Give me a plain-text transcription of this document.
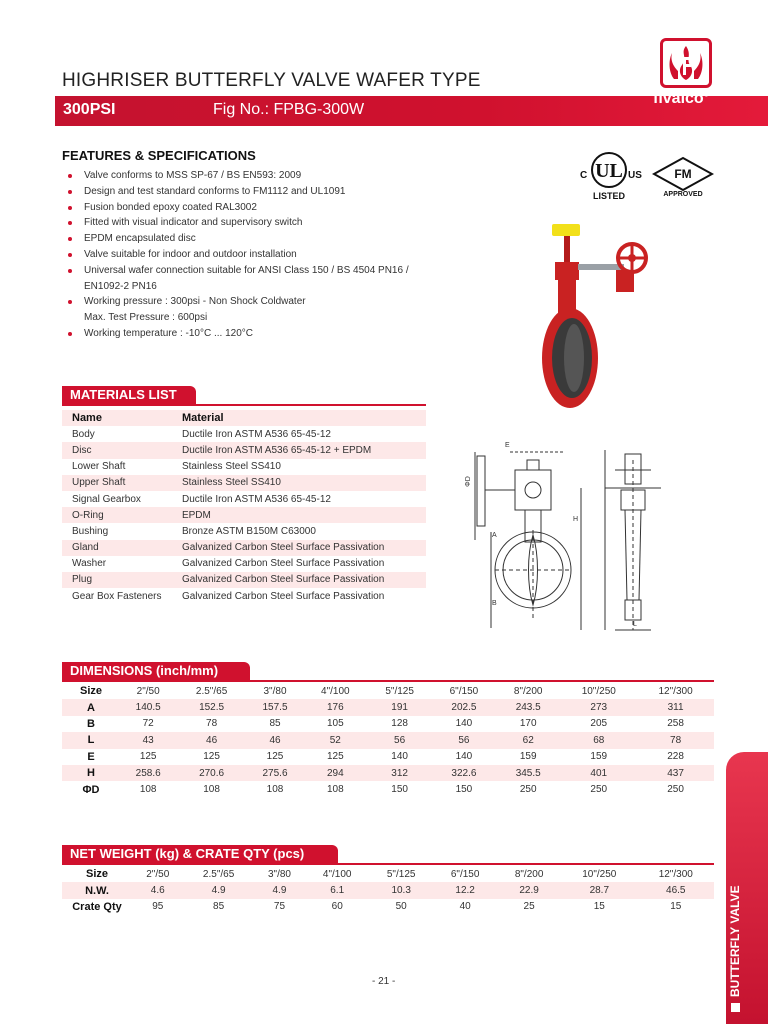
HIGHRISER BUTTERFLY VALVE WAFER TYPE
300PSI	Fig No.: FPBG-300W
fivalco®
FEATURES & SPECIFICATIONS
Valve conforms to MSS SP-67 / BS EN593: 2009
Design and test standard conforms to FM1112 and UL1091
Fusion bonded epoxy coated RAL3002
Fitted with visual indicator and supervisory switch
EPDM encapsulated disc
Valve suitable for indoor and outdoor installation
Universal wafer connection suitable for ANSI Class 150 / BS 4504 PN16 /
EN1092-2 PN16
Working pressure : 300psi - Non Shock Coldwater
Max. Test Pressure : 600psi
Working temperature : -10°C ... 120°C
UL
C	US
LISTED
FM
APPROVED
MATERIALS LIST
Name	Material
Body	Ductile Iron ASTM A536 65-45-12
Disc	Ductile Iron ASTM A536 65-45-12 + EPDM
Lower Shaft	Stainless Steel SS410
Upper Shaft	Stainless Steel SS410
Signal Gearbox	Ductile Iron ASTM A536 65-45-12
O-Ring	EPDM
Bushing	Bronze ASTM B150M C63000
Gland	Galvanized Carbon Steel Surface Passivation
Washer	Galvanized Carbon Steel Surface Passivation
Plug	Galvanized Carbon Steel Surface Passivation
Gear Box Fasteners	Galvanized Carbon Steel Surface Passivation
E
ΦD
A
B
H
L
DIMENSIONS (inch/mm)
Size	2"/50	2.5"/65	3"/80	4"/100	5"/125	6"/150	8"/200	10"/250	12"/300
A	140.5	152.5	157.5	176	191	202.5	243.5	273	311
B	72	78	85	105	128	140	170	205	258
L	43	46	46	52	56	56	62	68	78
E	125	125	125	125	140	140	159	159	228
H	258.6	270.6	275.6	294	312	322.6	345.5	401	437
ΦD	108	108	108	108	150	150	250	250	250
NET WEIGHT (kg) & CRATE QTY (pcs)
Size	2"/50	2.5"/65	3"/80	4"/100	5"/125	6"/150	8"/200	10"/250	12"/300
N.W.	4.6	4.9	4.9	6.1	10.3	12.2	22.9	28.7	46.5
Crate Qty	95	85	75	60	50	40	25	15	15	BUTTERFLY VALVE
- 21 -
